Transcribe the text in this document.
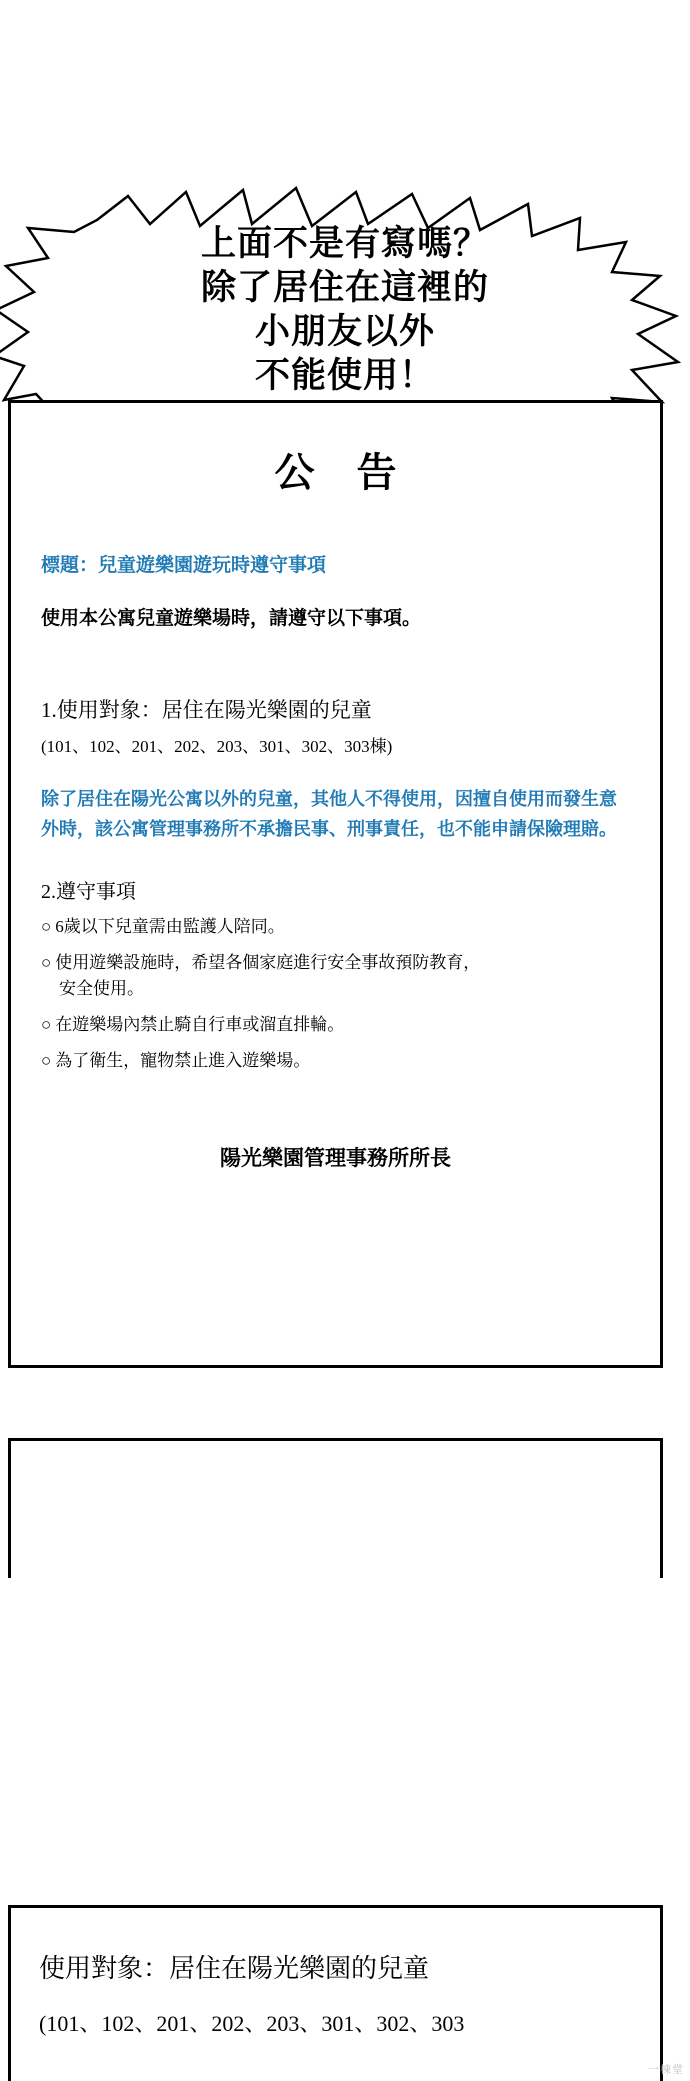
上面不是有寫嗎？
除了居住在這裡的
小朋友以外
不能使用！
公告
標題：兒童遊樂園遊玩時遵守事項
使用本公寓兒童遊樂場時，請遵守以下事項。
1.使用對象：居住在陽光樂園的兒童
(101、102、201、202、203、301、302、303棟)
除了居住在陽光公寓以外的兒童，其他人不得使用，因擅自使用而發生意外時，該公寓管理事務所不承擔民事、刑事責任，也不能申請保險理賠。
2.遵守事項
○ 6歲以下兒童需由監護人陪同。
○ 使用遊樂設施時，希望各個家庭進行安全事故預防教育，
安全使用。
○ 在遊樂場內禁止騎自行車或溜直排輪。
○ 為了衛生，寵物禁止進入遊樂場。
陽光樂園管理事務所所長
使用對象：居住在陽光樂園的兒童
(101、102、201、202、203、301、302、303
一棟堂
